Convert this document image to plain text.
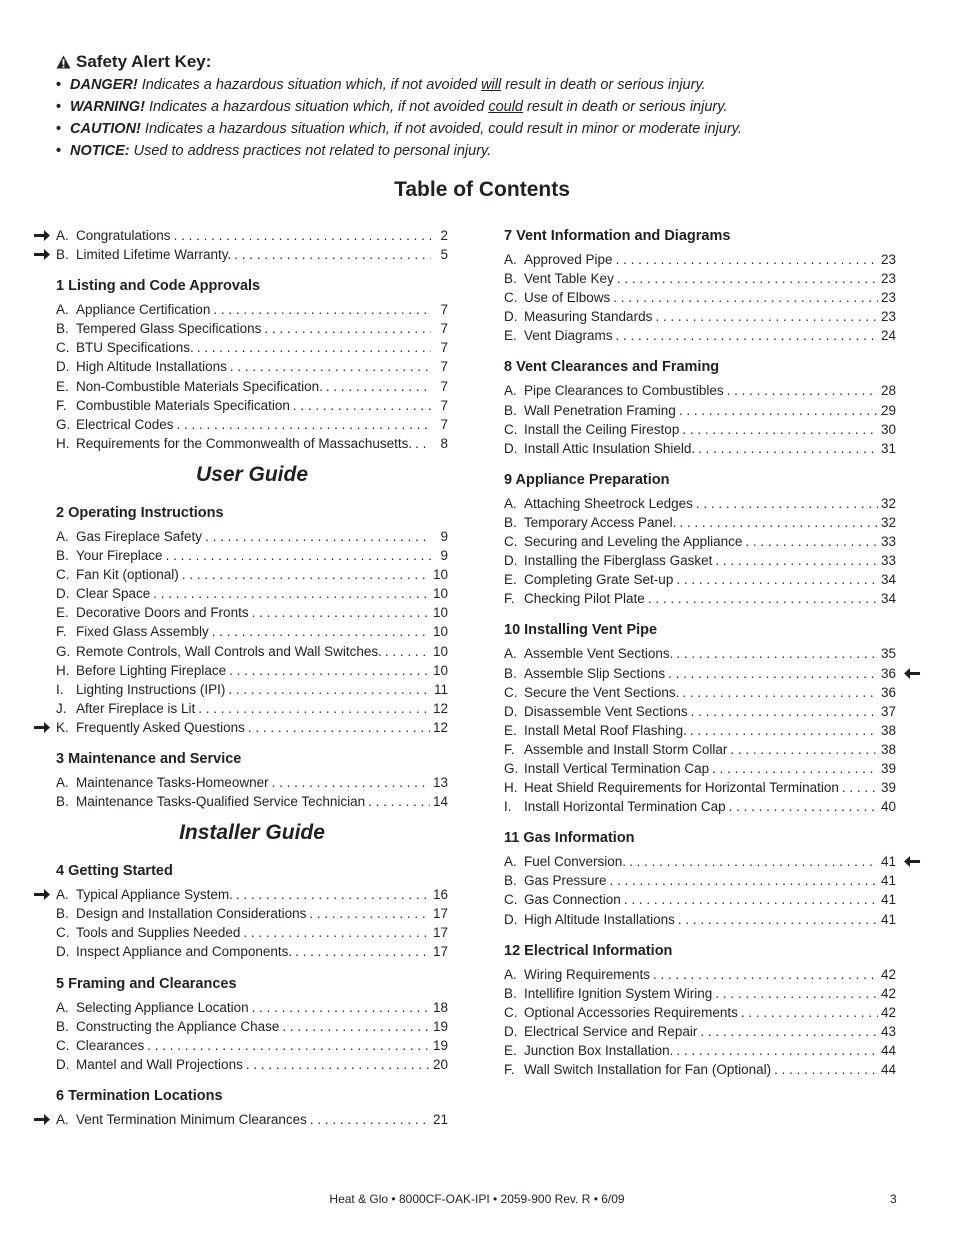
Safety Alert Key:
• DANGER! Indicates a hazardous situation which, if not avoided will result in death or serious injury.
• WARNING! Indicates a hazardous situation which, if not avoided could result in death or serious injury.
• CAUTION! Indicates a hazardous situation which, if not avoided, could result in minor or moderate injury.
• NOTICE: Used to address practices not related to personal injury.
Table of Contents
A. Congratulations . . .	2
B. Limited Lifetime Warranty. . . .	5
1 Listing and Code Approvals
A. Appliance Certification . . .	7
B. Tempered Glass Specifications . . .	7
C. BTU Specifications. . . .	7
D. High Altitude Installations . . .	7
E. Non-Combustible Materials Specification. . . .	7
F. Combustible Materials Specification . . .	7
G. Electrical Codes . . .	7
H. Requirements for the Commonwealth of Massachusetts. . . .	8
User Guide
2 Operating Instructions
A. Gas Fireplace Safety . . .	9
B. Your Fireplace . . .	9
C. Fan Kit (optional) . . .	10
D. Clear Space . . .	10
E. Decorative Doors and Fronts . . .	10
F. Fixed Glass Assembly . . .	10
G. Remote Controls, Wall Controls and Wall Switches. . . .	10
H. Before Lighting Fireplace . . .	10
I. Lighting Instructions (IPI) . . .	11
J. After Fireplace is Lit . . .	12
K. Frequently Asked Questions . . .	12
3 Maintenance and Service
A. Maintenance Tasks-Homeowner . . .	13
B. Maintenance Tasks-Qualified Service Technician . . .	14
Installer Guide
4 Getting Started
A. Typical Appliance System. . . .	16
B. Design and Installation Considerations . . .	17
C. Tools and Supplies Needed . . .	17
D. Inspect Appliance and Components. . . .	17
5 Framing and Clearances
A. Selecting Appliance Location . . .	18
B. Constructing the Appliance Chase . . .	19
C. Clearances . . .	19
D. Mantel and Wall Projections . . .	20
6 Termination Locations
A. Vent Termination Minimum Clearances . . .	21
7 Vent Information and Diagrams
A. Approved Pipe . . .	23
B. Vent Table Key . . .	23
C. Use of Elbows . . .	23
D. Measuring Standards . . .	23
E. Vent Diagrams . . .	24
8 Vent Clearances and Framing
A. Pipe Clearances to Combustibles . . .	28
B. Wall Penetration Framing . . .	29
C. Install the Ceiling Firestop . . .	30
D. Install Attic Insulation Shield. . . .	31
9 Appliance Preparation
A. Attaching Sheetrock Ledges . . .	32
B. Temporary Access Panel. . . .	32
C. Securing and Leveling the Appliance . . .	33
D. Installing the Fiberglass Gasket . . .	33
E. Completing Grate Set-up . . .	34
F. Checking Pilot Plate . . .	34
10 Installing Vent Pipe
A. Assemble Vent Sections. . . .	35
B. Assemble Slip Sections . . .	36
C. Secure the Vent Sections. . . .	36
D. Disassemble Vent Sections . . .	37
E. Install Metal Roof Flashing. . . .	38
F. Assemble and Install Storm Collar . . .	38
G. Install Vertical Termination Cap . . .	39
H. Heat Shield Requirements for Horizontal Termination . . .	39
I. Install Horizontal Termination Cap . . .	40
11 Gas Information
A. Fuel Conversion. . . .	41
B. Gas Pressure . . .	41
C. Gas Connection . . .	41
D. High Altitude Installations . . .	41
12 Electrical Information
A. Wiring Requirements . . .	42
B. Intellifire Ignition System Wiring . . .	42
C. Optional Accessories Requirements . . .	42
D. Electrical Service and Repair . . .	43
E. Junction Box Installation. . . .	44
F. Wall Switch Installation for Fan (Optional) . . .	44
Heat & Glo • 8000CF-OAK-IPI • 2059-900 Rev. R • 6/09	3
